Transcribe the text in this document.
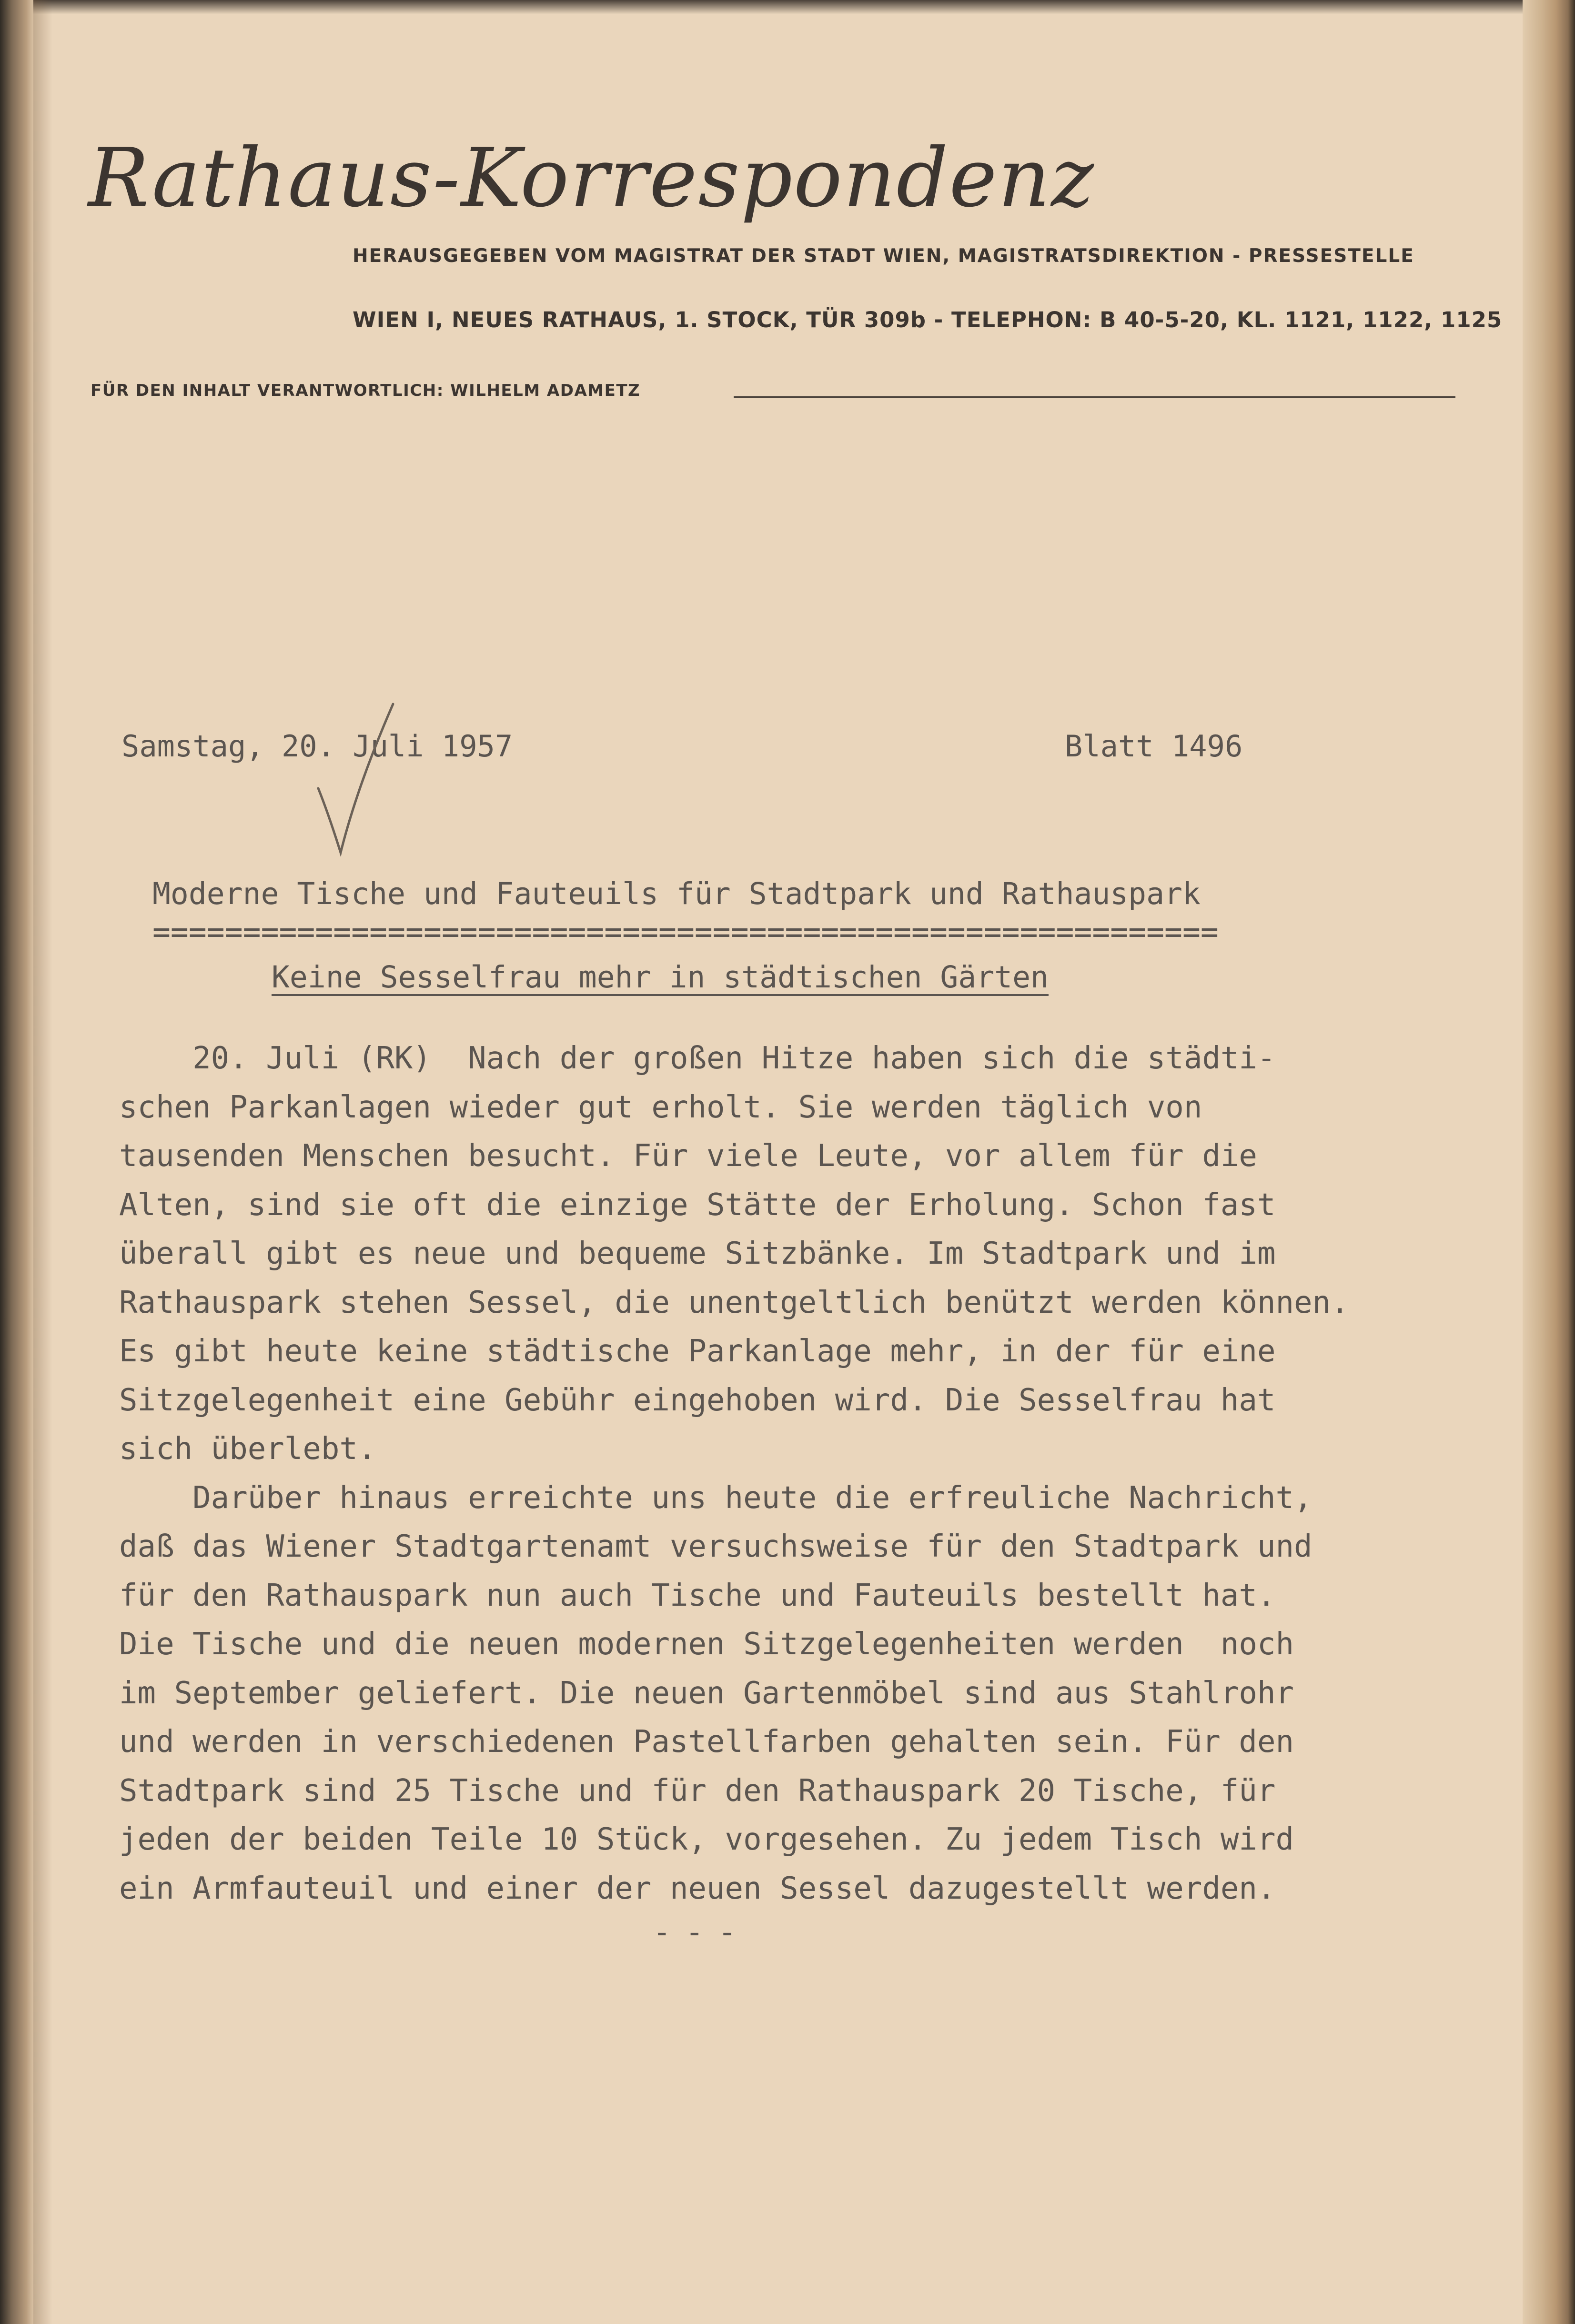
Rathaus-Korrespondenz
HERAUSGEGEBEN VOM MAGISTRAT DER STADT WIEN, MAGISTRATSDIREKTION - PRESSESTELLE
WIEN I, NEUES RATHAUS, 1. STOCK, TÜR 309b - TELEPHON: B 40-5-20, KL. 1121, 1122, 1125
FÜR DEN INHALT VERANTWORTLICH: WILHELM ADAMETZ
Samstag, 20. Juli 1957	Blatt 1496
Moderne Tische und Fauteuils für Stadtpark und Rathauspark
===========================================================
Keine Sesselfrau mehr in städtischen Gärten
20. Juli (RK)  Nach der großen Hitze haben sich die städti-
schen Parkanlagen wieder gut erholt. Sie werden täglich von
tausenden Menschen besucht. Für viele Leute, vor allem für die
Alten, sind sie oft die einzige Stätte der Erholung. Schon fast
überall gibt es neue und bequeme Sitzbänke. Im Stadtpark und im
Rathauspark stehen Sessel, die unentgeltlich benützt werden können.
Es gibt heute keine städtische Parkanlage mehr, in der für eine
Sitzgelegenheit eine Gebühr eingehoben wird. Die Sesselfrau hat
sich überlebt.
Darüber hinaus erreichte uns heute die erfreuliche Nachricht,
daß das Wiener Stadtgartenamt versuchsweise für den Stadtpark und
für den Rathauspark nun auch Tische und Fauteuils bestellt hat.
Die Tische und die neuen modernen Sitzgelegenheiten werden  noch
im September geliefert. Die neuen Gartenmöbel sind aus Stahlrohr
und werden in verschiedenen Pastellfarben gehalten sein. Für den
Stadtpark sind 25 Tische und für den Rathauspark 20 Tische, für
jeden der beiden Teile 10 Stück, vorgesehen. Zu jedem Tisch wird
ein Armfauteuil und einer der neuen Sessel dazugestellt werden.
---
